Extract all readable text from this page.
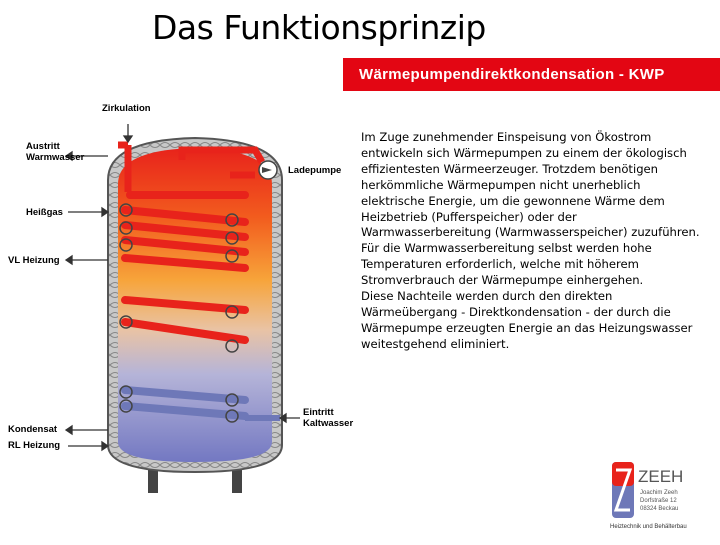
Das Funktionsprinzip
Wärmepumpendirektkondensation - KWP

Im Zuge zunehmender Einspeisung von Ökostrom entwickeln sich Wärmepumpen zu einem der ökologisch effizientesten Wärmeerzeuger. Trotzdem benötigen herkömmliche Wärmepumpen nicht unerheblich elektrische Energie, um die gewonnene Wärme dem Heizbetrieb (Pufferspeicher) oder der Warmwasserbereitung (Warmwasserspeicher) zuzuführen. Für die Warmwasserbereitung selbst werden hohe Temperaturen erforderlich, welche mit höherem Stromverbrauch der Wärmepumpe einhergehen.

Diese Nachteile werden durch den direkten Wärmeübergang - Direktkondensation - der durch die Wärmepumpe erzeugten Energie an das Heizungswasser weitestgehend eliminiert.

Zirkulation
Austritt
Warmwasser
Ladepumpe
Heißgas
VL Heizung
Eintritt
Kaltwasser
Kondensat
RL Heizung
ZEEH
Joachim Zeeh
Dorfstraße 12
08324 Beckau
Heiztechnik und Behälterbau
